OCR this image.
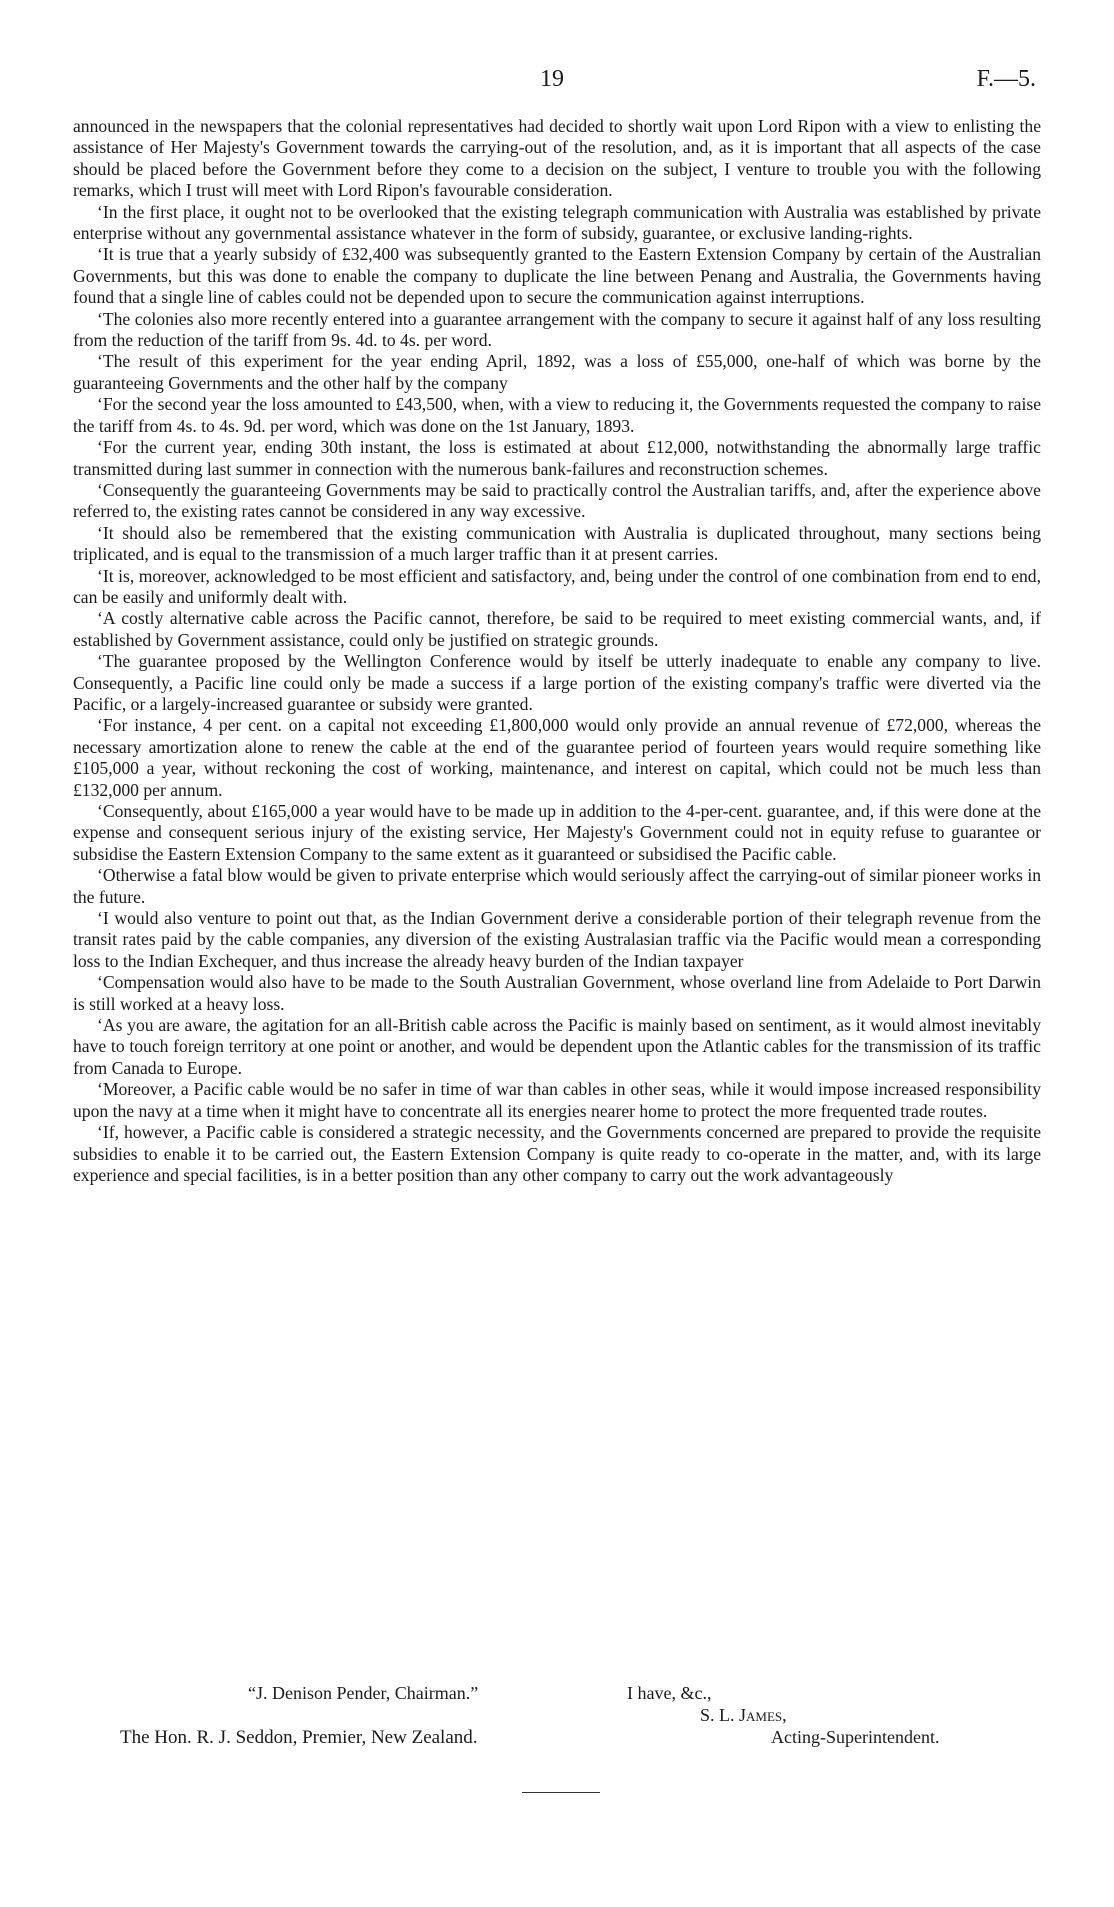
19	F.—5.

announced in the newspapers that the colonial representatives had decided to shortly wait upon Lord Ripon with a view to enlisting the assistance of Her Majesty's Government towards the carrying-out of the resolution, and, as it is important that all aspects of the case should be placed before the Government before they come to a decision on the subject, I venture to trouble you with the following remarks, which I trust will meet with Lord Ripon's favourable consideration.

‘In the first place, it ought not to be overlooked that the existing telegraph communication with Australia was established by private enterprise without any governmental assistance whatever in the form of subsidy, guarantee, or exclusive landing-rights.

‘It is true that a yearly subsidy of £32,400 was subsequently granted to the Eastern Extension Company by certain of the Australian Governments, but this was done to enable the company to duplicate the line between Penang and Australia, the Governments having found that a single line of cables could not be depended upon to secure the communication against interruptions.

‘The colonies also more recently entered into a guarantee arrangement with the company to secure it against half of any loss resulting from the reduction of the tariff from 9s. 4d. to 4s. per word.

‘The result of this experiment for the year ending April, 1892, was a loss of £55,000, one-half of which was borne by the guaranteeing Governments and the other half by the company

‘For the second year the loss amounted to £43,500, when, with a view to reducing it, the Governments requested the company to raise the tariff from 4s. to 4s. 9d. per word, which was done on the 1st January, 1893.

‘For the current year, ending 30th instant, the loss is estimated at about £12,000, notwithstanding the abnormally large traffic transmitted during last summer in connection with the numerous bank-failures and reconstruction schemes.

‘Consequently the guaranteeing Governments may be said to practically control the Australian tariffs, and, after the experience above referred to, the existing rates cannot be considered in any way excessive.

‘It should also be remembered that the existing communication with Australia is duplicated throughout, many sections being triplicated, and is equal to the transmission of a much larger traffic than it at present carries.

‘It is, moreover, acknowledged to be most efficient and satisfactory, and, being under the control of one combination from end to end, can be easily and uniformly dealt with.

‘A costly alternative cable across the Pacific cannot, therefore, be said to be required to meet existing commercial wants, and, if established by Government assistance, could only be justified on strategic grounds.

‘The guarantee proposed by the Wellington Conference would by itself be utterly inadequate to enable any company to live. Consequently, a Pacific line could only be made a success if a large portion of the existing company's traffic were diverted via the Pacific, or a largely-increased guarantee or subsidy were granted.

‘For instance, 4 per cent. on a capital not exceeding £1,800,000 would only provide an annual revenue of £72,000, whereas the necessary amortization alone to renew the cable at the end of the guarantee period of fourteen years would require something like £105,000 a year, without reckoning the cost of working, maintenance, and interest on capital, which could not be much less than £132,000 per annum.

‘Consequently, about £165,000 a year would have to be made up in addition to the 4-per-cent. guarantee, and, if this were done at the expense and consequent serious injury of the existing service, Her Majesty's Government could not in equity refuse to guarantee or subsidise the Eastern Extension Company to the same extent as it guaranteed or subsidised the Pacific cable.

‘Otherwise a fatal blow would be given to private enterprise which would seriously affect the carrying-out of similar pioneer works in the future.

‘I would also venture to point out that, as the Indian Government derive a considerable portion of their telegraph revenue from the transit rates paid by the cable companies, any diversion of the existing Australasian traffic via the Pacific would mean a corresponding loss to the Indian Exchequer, and thus increase the already heavy burden of the Indian taxpayer

‘Compensation would also have to be made to the South Australian Government, whose overland line from Adelaide to Port Darwin is still worked at a heavy loss.

‘As you are aware, the agitation for an all-British cable across the Pacific is mainly based on sentiment, as it would almost inevitably have to touch foreign territory at one point or another, and would be dependent upon the Atlantic cables for the transmission of its traffic from Canada to Europe.

‘Moreover, a Pacific cable would be no safer in time of war than cables in other seas, while it would impose increased responsibility upon the navy at a time when it might have to concentrate all its energies nearer home to protect the more frequented trade routes.

‘If, however, a Pacific cable is considered a strategic necessity, and the Governments concerned are prepared to provide the requisite subsidies to enable it to be carried out, the Eastern Extension Company is quite ready to co-operate in the matter, and, with its large experience and special facilities, is in a better position than any other company to carry out the work advantageously

“J. Denison Pender, Chairman.”	I have, &c.,
S. L. James,
The Hon. R. J. Seddon, Premier, New Zealand.	Acting-Superintendent.
